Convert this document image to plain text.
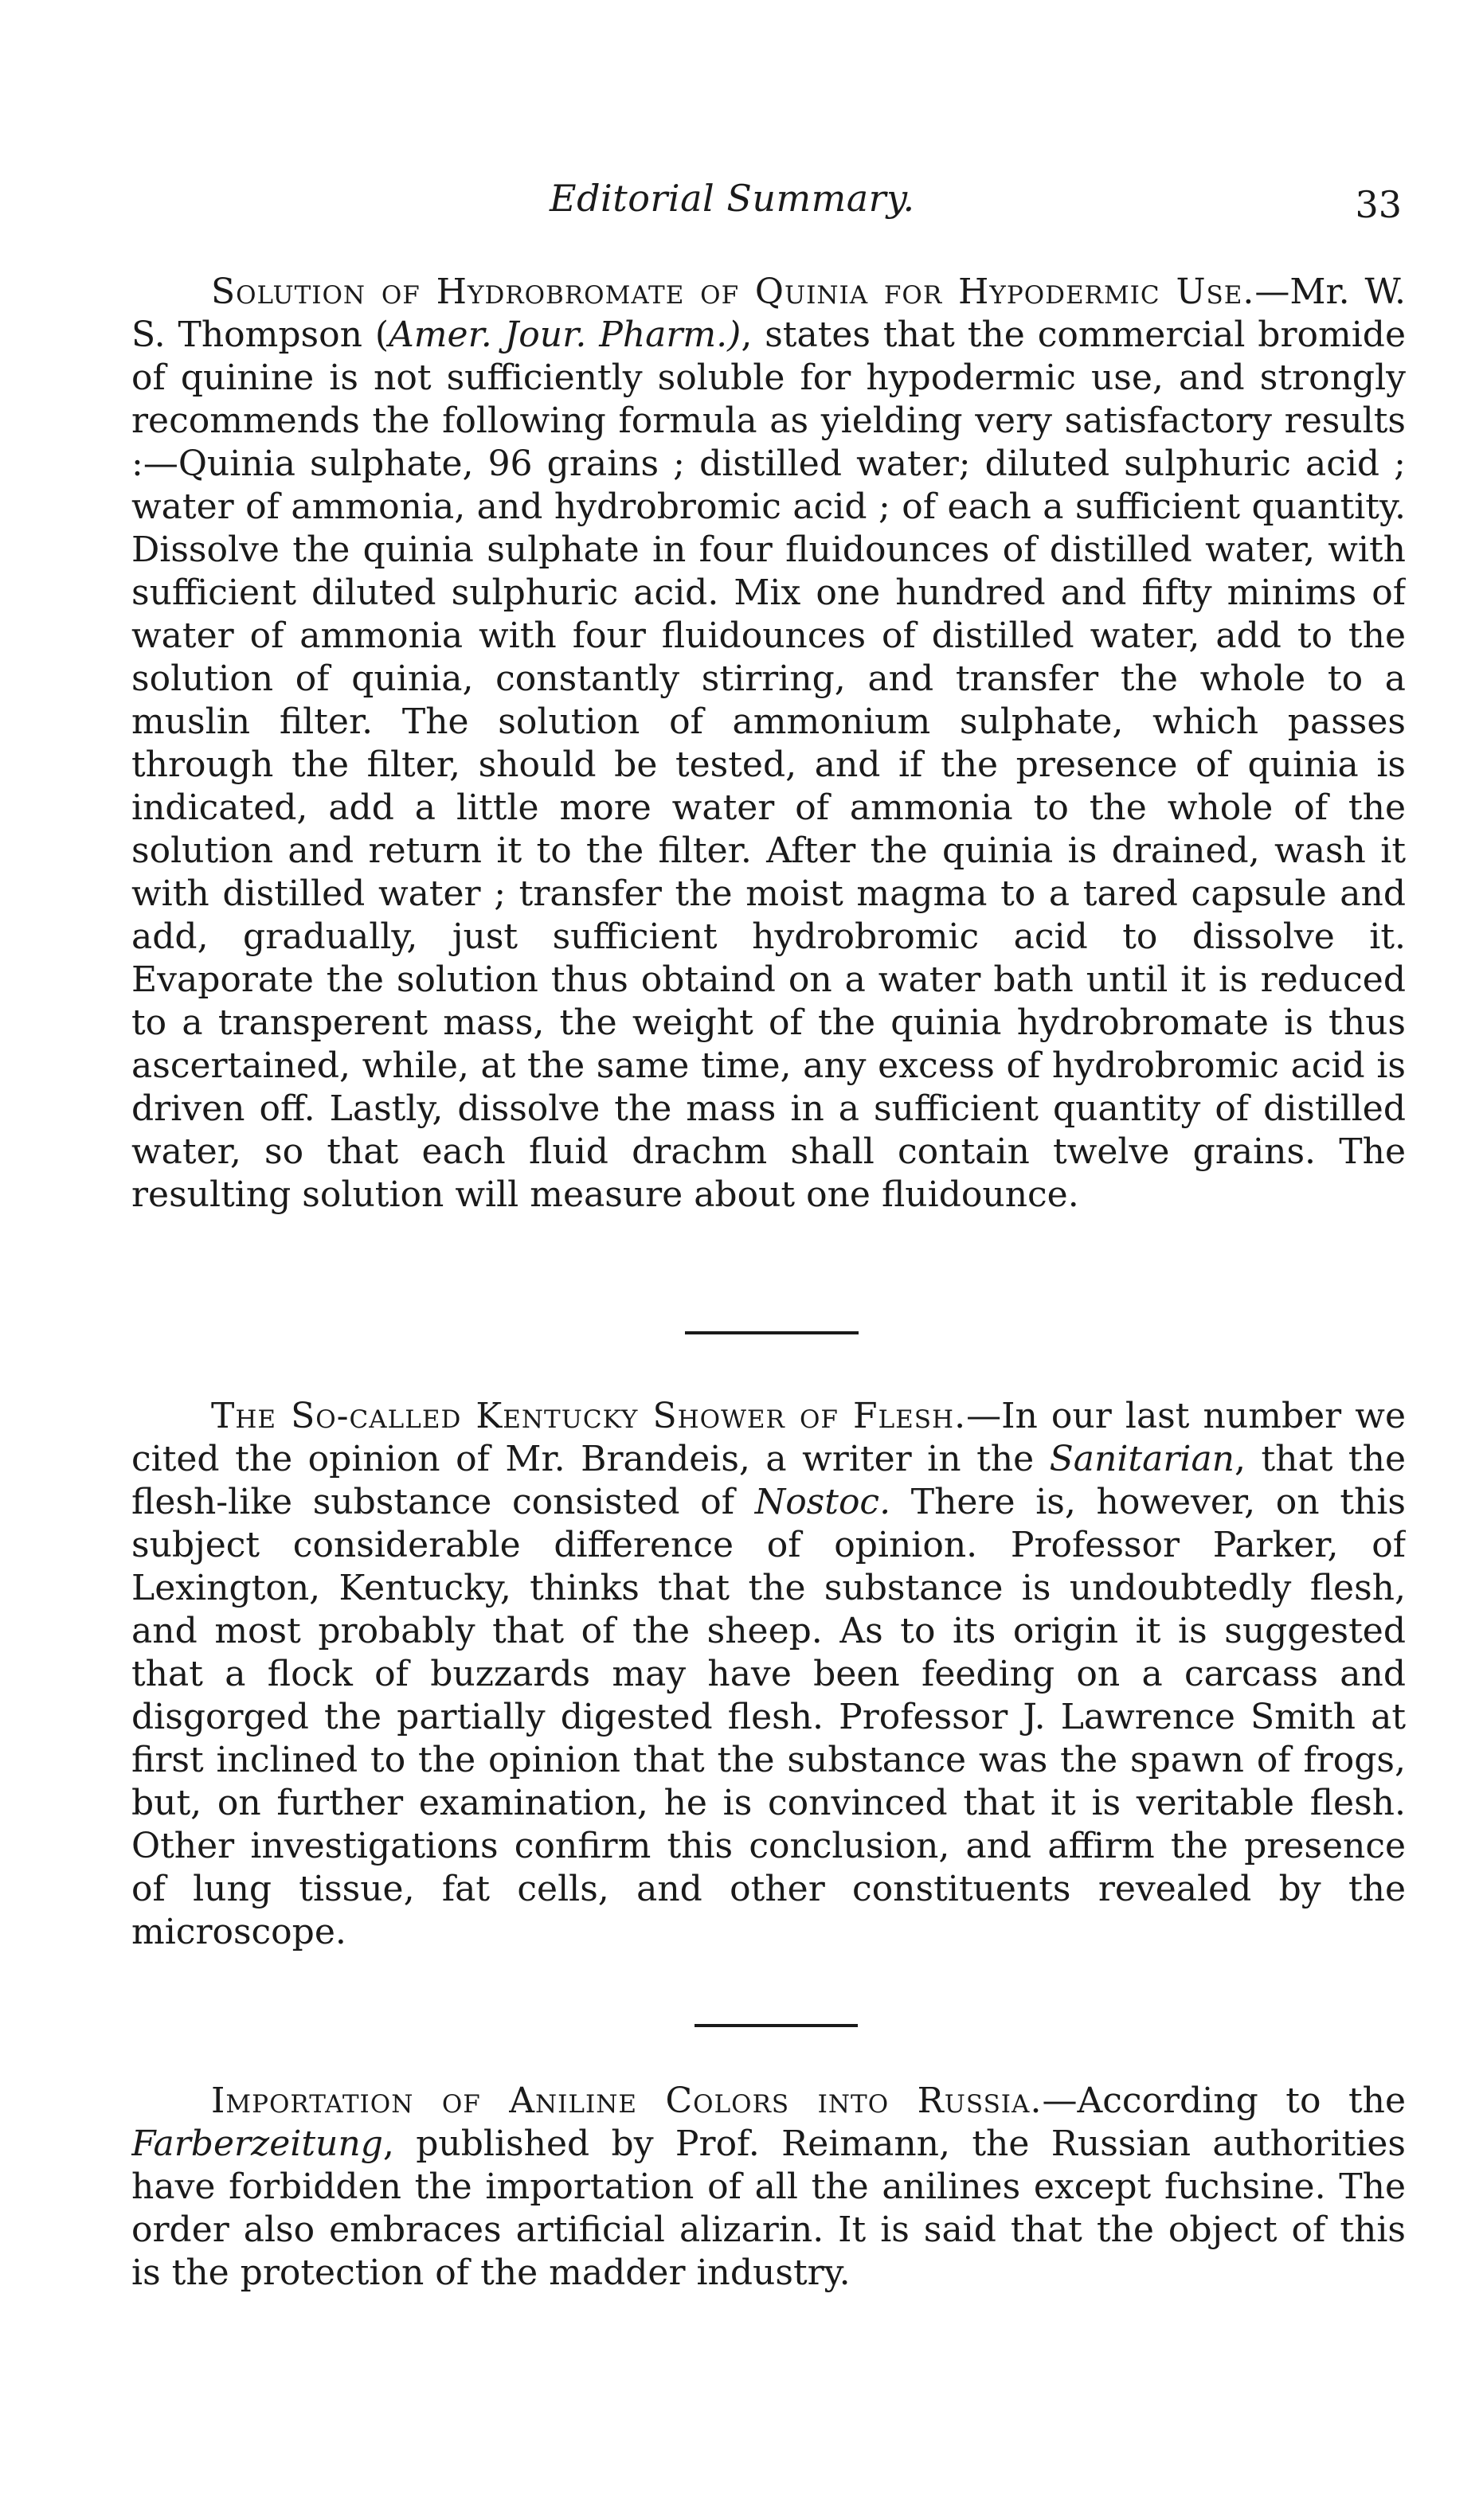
Editorial Summary.	33

Solution of Hydrobromate of Quinia for Hypodermic Use.—Mr. W. S. Thompson (Amer. Jour. Pharm.), states that the commercial bromide of quinine is not sufficiently soluble for hypodermic use, and strongly recommends the following formula as yielding very satisfactory results :—Quinia sulphate, 96 grains ; distilled water; diluted sulphuric acid ; water of ammonia, and hydrobromic acid ; of each a sufficient quantity. Dissolve the quinia sulphate in four fluidounces of distilled water, with sufficient diluted sulphuric acid. Mix one hundred and fifty minims of water of ammonia with four fluidounces of distilled water, add to the solution of quinia, constantly stirring, and transfer the whole to a muslin filter. The solution of ammonium sulphate, which passes through the filter, should be tested, and if the presence of quinia is indicated, add a little more water of ammonia to the whole of the solution and return it to the filter. After the quinia is drained, wash it with distilled water ; transfer the moist magma to a tared capsule and add, gradually, just sufficient hydrobromic acid to dissolve it. Evaporate the solution thus obtaind on a water bath until it is reduced to a transperent mass, the weight of the quinia hydrobromate is thus ascertained, while, at the same time, any excess of hydrobromic acid is driven off. Lastly, dissolve the mass in a sufficient quantity of distilled water, so that each fluid drachm shall contain twelve grains. The resulting solution will measure about one fluidounce.

The So-called Kentucky Shower of Flesh.—In our last number we cited the opinion of Mr. Brandeis, a writer in the Sanitarian, that the flesh-like substance consisted of Nostoc. There is, however, on this subject considerable difference of opinion. Professor Parker, of Lexington, Kentucky, thinks that the substance is undoubtedly flesh, and most probably that of the sheep. As to its origin it is suggested that a flock of buzzards may have been feeding on a carcass and disgorged the partially digested flesh. Professor J. Lawrence Smith at first inclined to the opinion that the substance was the spawn of frogs, but, on further examination, he is convinced that it is veritable flesh. Other investigations confirm this conclusion, and affirm the presence of lung tissue, fat cells, and other constituents revealed by the microscope.

Importation of Aniline Colors into Russia.—According to the Farberzeitung, published by Prof. Reimann, the Russian authorities have forbidden the importation of all the anilines except fuchsine. The order also embraces artificial alizarin. It is said that the object of this is the protection of the madder industry.
